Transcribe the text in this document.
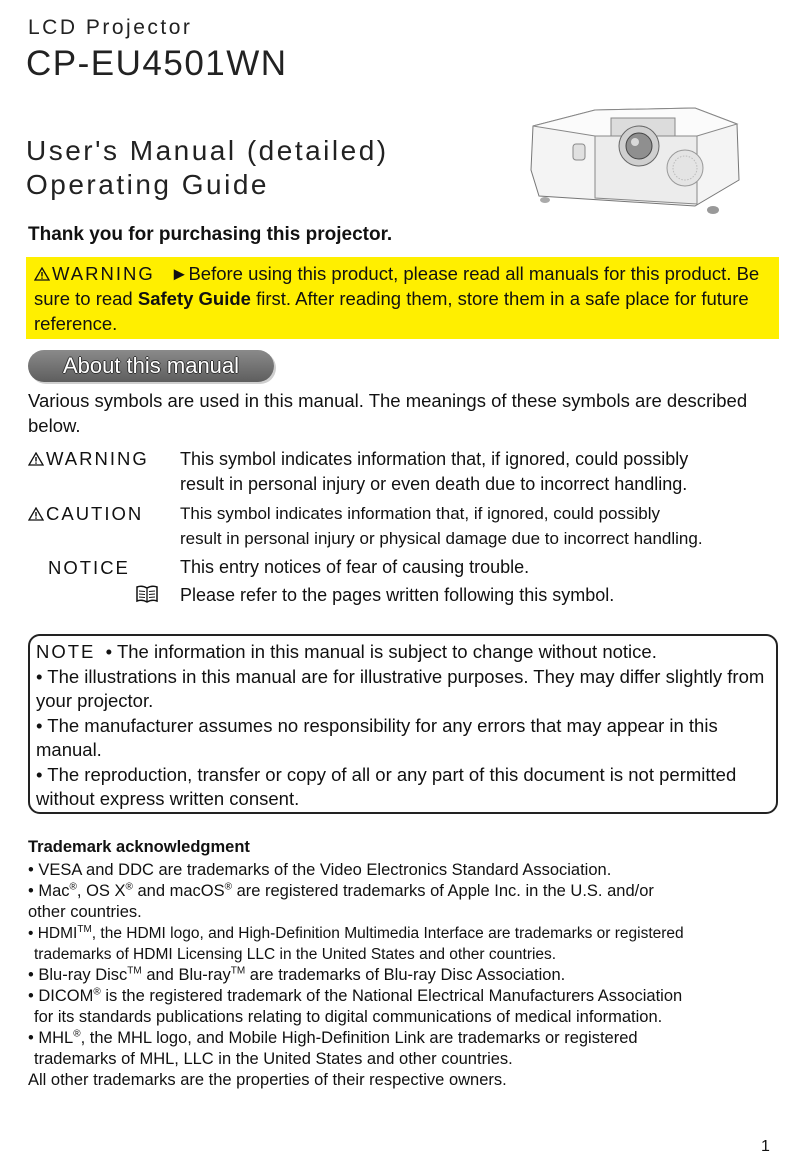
LCD Projector
CP-EU4501WN
User's Manual (detailed)
Operating Guide
Thank you for purchasing this projector.
WARNING ►Before using this product, please read all manuals for this product. Be sure to read Safety Guide first. After reading them, store them in a safe place for future reference.
About this manual
Various symbols are used in this manual. The meanings of these symbols are described below.
WARNING This symbol indicates information that, if ignored, could possibly
result in personal injury or even death due to incorrect handling.
CAUTION This symbol indicates information that, if ignored, could possibly
result in personal injury or physical damage due to incorrect handling.
NOTICE	This entry notices of fear of causing trouble.
Please refer to the pages written following this symbol.
NOTE • The information in this manual is subject to change without notice.
• The illustrations in this manual are for illustrative purposes. They may differ slightly from your projector.
• The manufacturer assumes no responsibility for any errors that may appear in this manual.
• The reproduction, transfer or copy of all or any part of this document is not permitted without express written consent.
Trademark acknowledgment
• VESA and DDC are trademarks of the Video Electronics Standard Association.
• Mac®, OS X® and macOS® are registered trademarks of Apple Inc. in the U.S. and/or
other countries.
• HDMI™, the HDMI logo, and High-Definition Multimedia Interface are trademarks or registered
trademarks of HDMI Licensing LLC in the United States and other countries.
• Blu-ray Disc™ and Blu-ray™ are trademarks of Blu-ray Disc Association.
• DICOM® is the registered trademark of the National Electrical Manufacturers Association
for its standards publications relating to digital communications of medical information.
• MHL®, the MHL logo, and Mobile High-Definition Link are trademarks or registered
trademarks of MHL, LLC in the United States and other countries.
All other trademarks are the properties of their respective owners.
1
